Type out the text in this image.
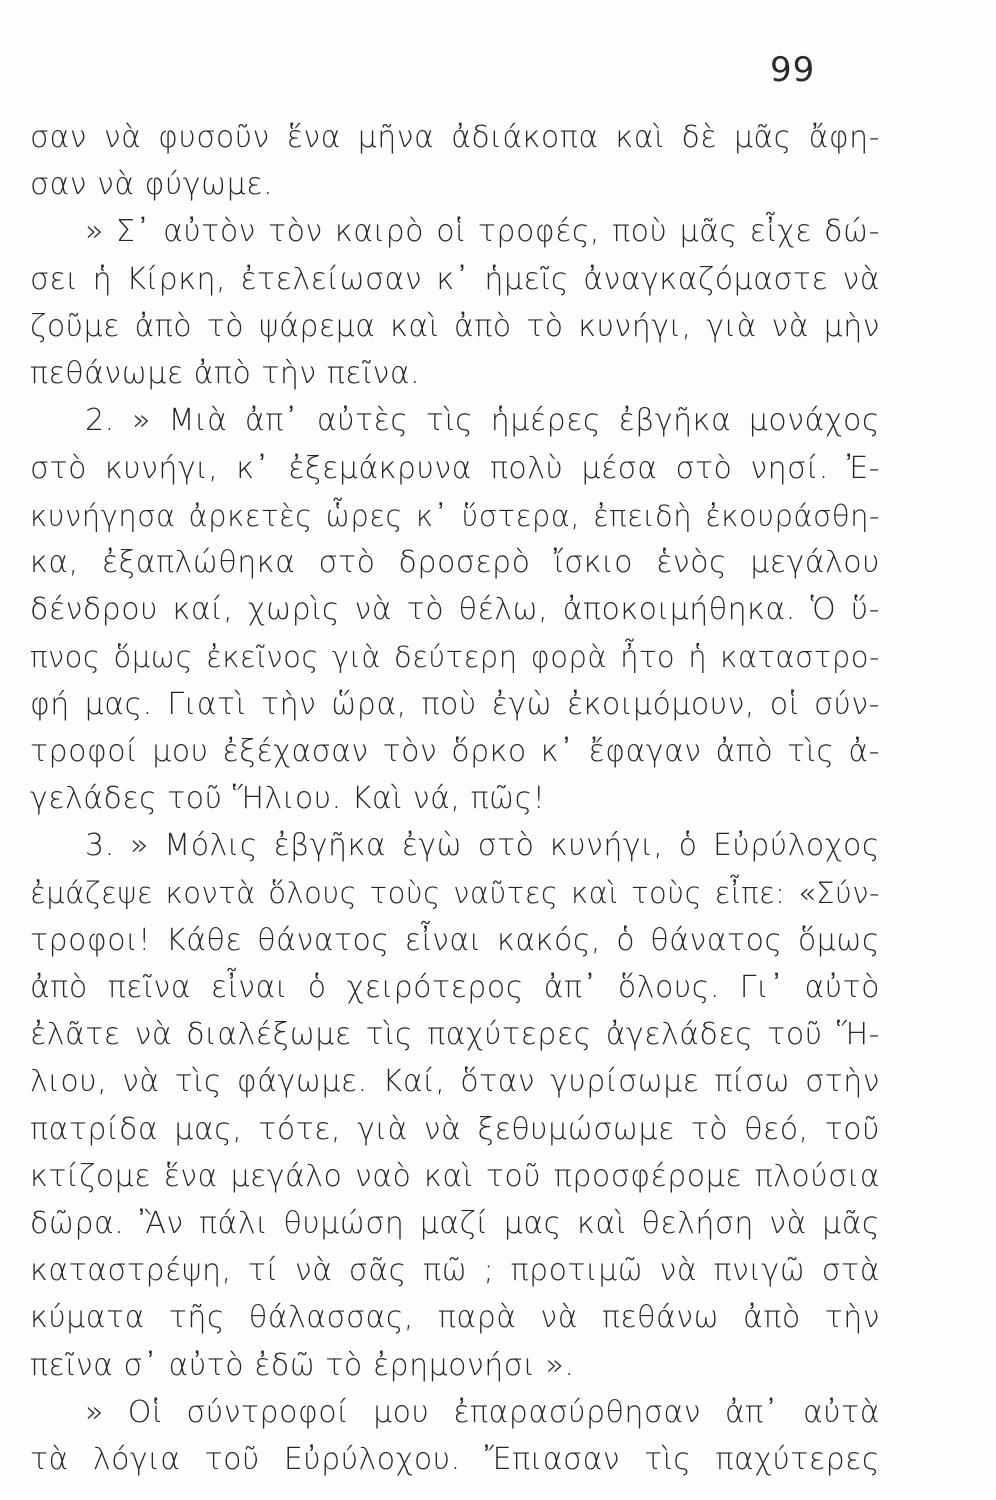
99
σαν νὰ φυσοῦν ἕνα μῆνα ἀδιάκοπα καὶ δὲ μᾶς ἄφη-
σαν νὰ φύγωμε.
» Σ᾽ αὐτὸν τὸν καιρὸ οἱ τροφές, ποὺ μᾶς εἶχε δώ-
σει ἡ Κίρκη, ἐτελείωσαν κ᾽ ἡμεῖς ἀναγκαζόμαστε νὰ
ζοῦμε ἀπὸ τὸ ψάρεμα καὶ ἀπὸ τὸ κυνήγι, γιὰ νὰ μὴν
πεθάνωμε ἀπὸ τὴν πεῖνα.
2. » Μιὰ ἀπ᾽ αὐτὲς τὶς ἡμέρες ἐβγῆκα μονάχος
στὸ κυνήγι, κ᾽ ἐξεμάκρυνα πολὺ μέσα στὸ νησί. Ἐ-
κυνήγησα ἀρκετὲς ὧρες κ᾽ ὕστερα, ἐπειδὴ ἐκουράσθη-
κα, ἐξαπλώθηκα στὸ δροσερὸ ἴσκιο ἑνὸς μεγάλου
δένδρου καί, χωρὶς νὰ τὸ θέλω, ἀποκοιμήθηκα. Ὁ ὕ-
πνος ὅμως ἐκεῖνος γιὰ δεύτερη φορὰ ἦτο ἡ καταστρο-
φή μας. Γιατὶ τὴν ὥρα, ποὺ ἐγὼ ἐκοιμόμουν, οἱ σύν-
τροφοί μου ἐξέχασαν τὸν ὅρκο κ᾽ ἔφαγαν ἀπὸ τὶς ἀ-
γελάδες τοῦ Ἥλιου. Καὶ νά, πῶς!
3. » Μόλις ἐβγῆκα ἐγὼ στὸ κυνήγι, ὁ Εὐρύλοχος
ἐμάζεψε κοντὰ ὅλους τοὺς ναῦτες καὶ τοὺς εἶπε: «Σύν-
τροφοι! Κάθε θάνατος εἶναι κακός, ὁ θάνατος ὅμως
ἀπὸ πεῖνα εἶναι ὁ χειρότερος ἀπ᾽ ὅλους. Γι᾽ αὐτὸ
ἐλᾶτε νὰ διαλέξωμε τὶς παχύτερες ἀγελάδες τοῦ Ἥ-
λιου, νὰ τὶς φάγωμε. Καί, ὅταν γυρίσωμε πίσω στὴν
πατρίδα μας, τότε, γιὰ νὰ ξεθυμώσωμε τὸ θεό, τοῦ
κτίζομε ἕνα μεγάλο ναὸ καὶ τοῦ προσφέρομε πλούσια
δῶρα. Ἂν πάλι θυμώση μαζί μας καὶ θελήση νὰ μᾶς
καταστρέψη, τί νὰ σᾶς πῶ ; προτιμῶ νὰ πνιγῶ στὰ
κύματα τῆς θάλασσας, παρὰ νὰ πεθάνω ἀπὸ τὴν
πεῖνα σ᾽ αὐτὸ ἐδῶ τὸ ἐρημονήσι ».
» Οἱ σύντροφοί μου ἐπαρασύρθησαν ἀπ᾽ αὐτὰ
τὰ λόγια τοῦ Εὐρύλοχου. Ἔπιασαν τὶς παχύτερες
